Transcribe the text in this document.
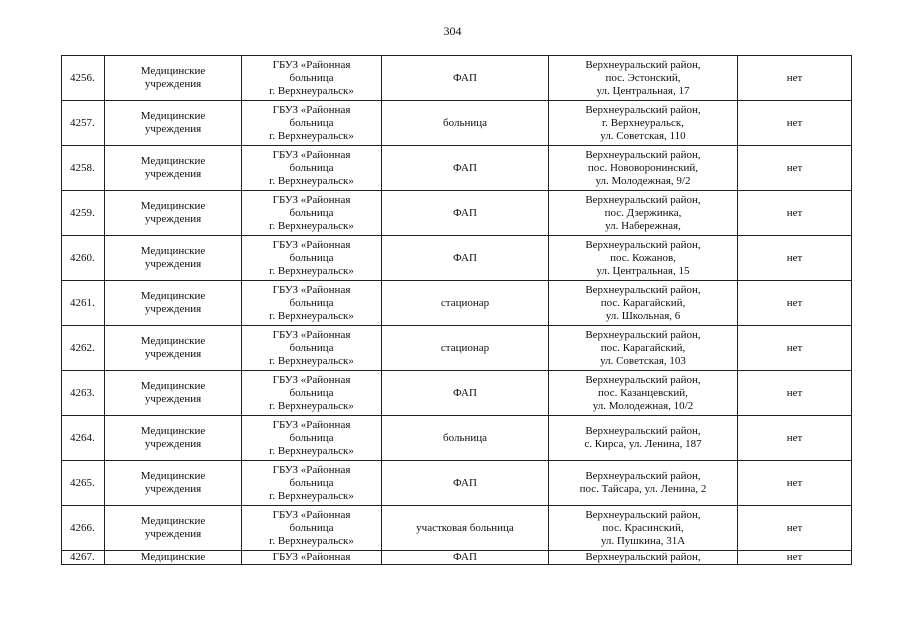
304
4256.	Медицинские
учреждения	ГБУЗ «Районная
больница
г. Верхнеуральск»	ФАП	Верхнеуральский район,
пос. Эстонский,
ул. Центральная, 17	нет
4257.	Медицинские
учреждения	ГБУЗ «Районная
больница
г. Верхнеуральск»	больница	Верхнеуральский район,
г. Верхнеуральск,
ул. Советская, 110	нет
4258.	Медицинские
учреждения	ГБУЗ «Районная
больница
г. Верхнеуральск»	ФАП	Верхнеуральский район,
пос. Нововоронинский,
ул. Молодежная, 9/2	нет
4259.	Медицинские
учреждения	ГБУЗ «Районная
больница
г. Верхнеуральск»	ФАП	Верхнеуральский район,
пос. Дзержинка,
ул. Набережная,	нет
4260.	Медицинские
учреждения	ГБУЗ «Районная
больница
г. Верхнеуральск»	ФАП	Верхнеуральский район,
пос. Кожанов,
ул. Центральная, 15	нет
4261.	Медицинские
учреждения	ГБУЗ «Районная
больница
г. Верхнеуральск»	стационар	Верхнеуральский район,
пос. Карагайский,
ул. Школьная, 6	нет
4262.	Медицинские
учреждения	ГБУЗ «Районная
больница
г. Верхнеуральск»	стационар	Верхнеуральский район,
пос. Карагайский,
ул. Советская, 103	нет
4263.	Медицинские
учреждения	ГБУЗ «Районная
больница
г. Верхнеуральск»	ФАП	Верхнеуральский район,
пос. Казанцевский,
ул. Молодежная, 10/2	нет
4264.	Медицинские
учреждения	ГБУЗ «Районная
больница
г. Верхнеуральск»	больница	Верхнеуральский район,
с. Кирса, ул. Ленина, 187	нет
4265.	Медицинские
учреждения	ГБУЗ «Районная
больница
г. Верхнеуральск»	ФАП	Верхнеуральский район,
пос. Тайсара, ул. Ленина, 2	нет
4266.	Медицинские
учреждения	ГБУЗ «Районная
больница
г. Верхнеуральск»	участковая больница	Верхнеуральский район,
пос. Красинский,
ул. Пушкина, 31А	нет
4267.	Медицинские	ГБУЗ «Районная	ФАП	Верхнеуральский район,	нет
